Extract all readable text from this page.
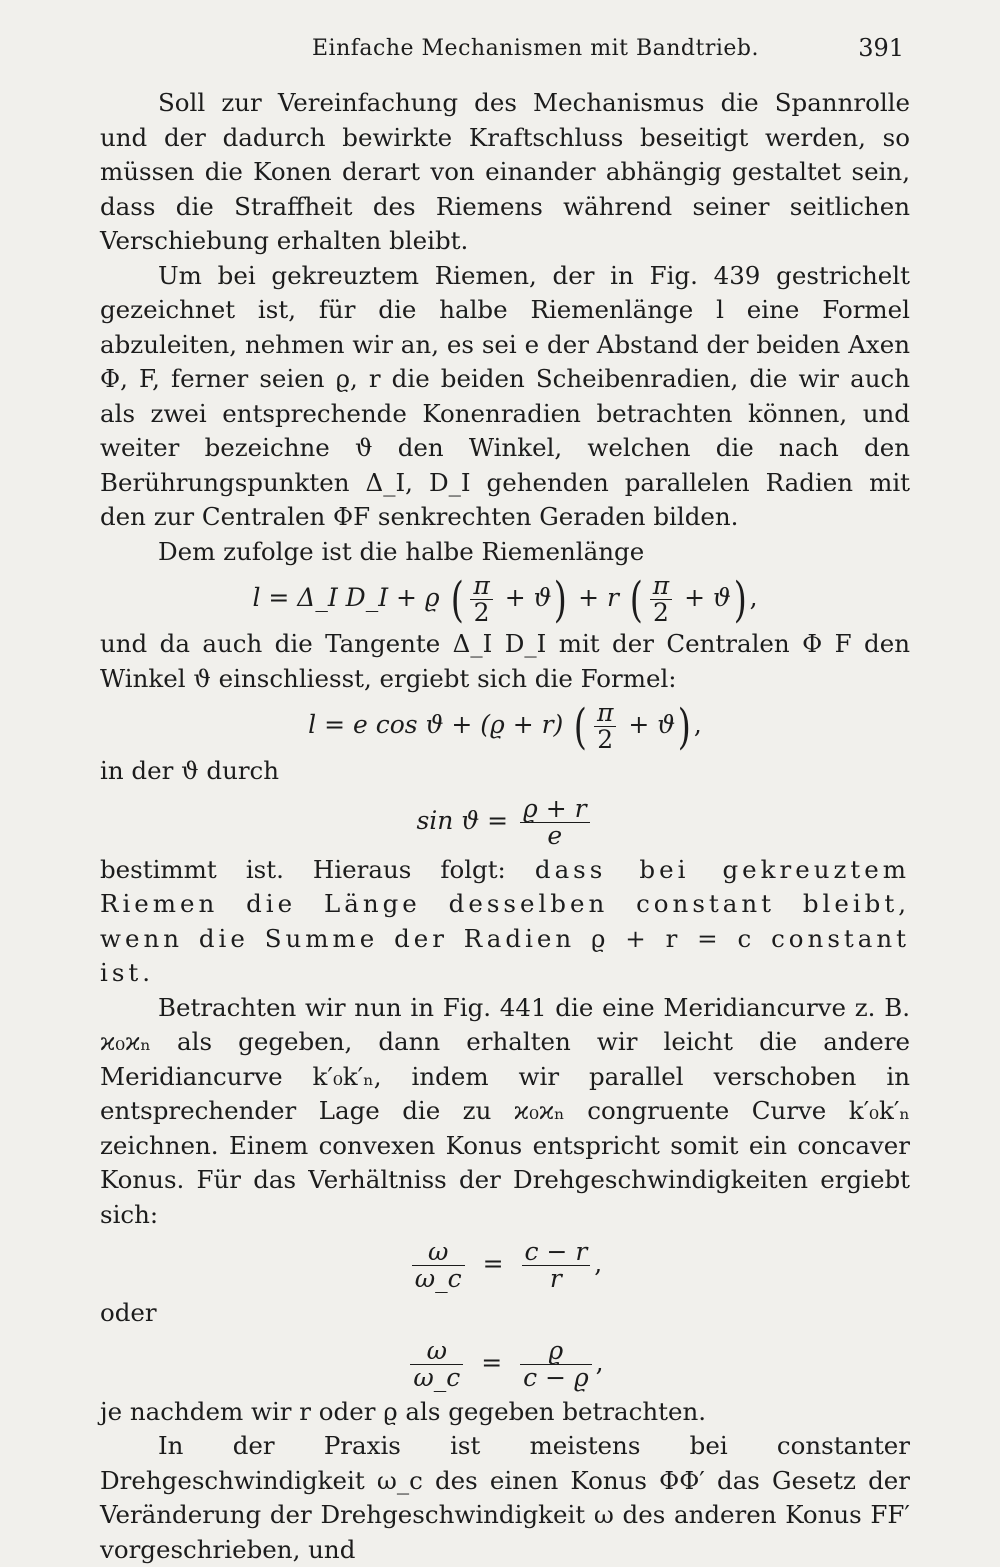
Einfache Mechanismen mit Bandtrieb.	391

Soll zur Vereinfachung des Mechanismus die Spannrolle und der dadurch bewirkte Kraftschluss beseitigt werden, so müssen die Konen derart von einander abhängig gestaltet sein, dass die Straffheit des Riemens während seiner seitlichen Verschiebung erhalten bleibt.

Um bei gekreuztem Riemen, der in Fig. 439 gestrichelt gezeichnet ist, für die halbe Riemenlänge l eine Formel abzuleiten, nehmen wir an, es sei e der Abstand der beiden Axen Φ, F, ferner seien ϱ, r die beiden Scheibenradien, die wir auch als zwei entsprechende Konenradien betrachten können, und weiter bezeichne ϑ den Winkel, welchen die nach den Berührungspunkten Δ_I, D_I gehenden parallelen Radien mit den zur Centralen ΦF senkrechten Geraden bilden.

Dem zufolge ist die halbe Riemenlänge

l = Δ_I D_I + ϱ ( $\frac{\pi}{2} + ϑ) + r$ ( $\frac{\pi}{2} + ϑ$) ,

und da auch die Tangente Δ_I D_I mit der Centralen Φ F den Winkel ϑ einschliesst, ergiebt sich die Formel:

l = e cos ϑ + (ϱ + r) ( $\frac{\pi}{2} + ϑ$) ,

in der ϑ durch

$\sin ϑ = \frac{ϱ + r}{e}$

bestimmt ist. Hieraus folgt: dass bei gekreuztem Riemen die Länge desselben constant bleibt, wenn die Summe der Radien ϱ + r = c constant ist.

Betrachten wir nun in Fig. 441 die eine Meridiancurve z. B. ϰ₀ϰₙ als gegeben, dann erhalten wir leicht die andere Meridiancurve k′₀k′ₙ, indem wir parallel verschoben in entsprechender Lage die zu ϰ₀ϰₙ congruente Curve k′₀k′ₙ zeichnen. Einem convexen Konus entspricht somit ein concaver Konus. Für das Verhältniss der Drehgeschwindigkeiten ergiebt sich:

$\frac{\omega}{\omega\_c} = \frac{c - r}{r}$ ,

oder

$\frac{\omega}{\omega\_c} = \frac{ϱ}{c - ϱ}$ ,

je nachdem wir r oder ϱ als gegeben betrachten.

In der Praxis ist meistens bei constanter Drehgeschwindigkeit ω_c des einen Konus ΦΦ′ das Gesetz der Veränderung der Drehgeschwindigkeit ω des anderen Konus FF′ vorgeschrieben, und
